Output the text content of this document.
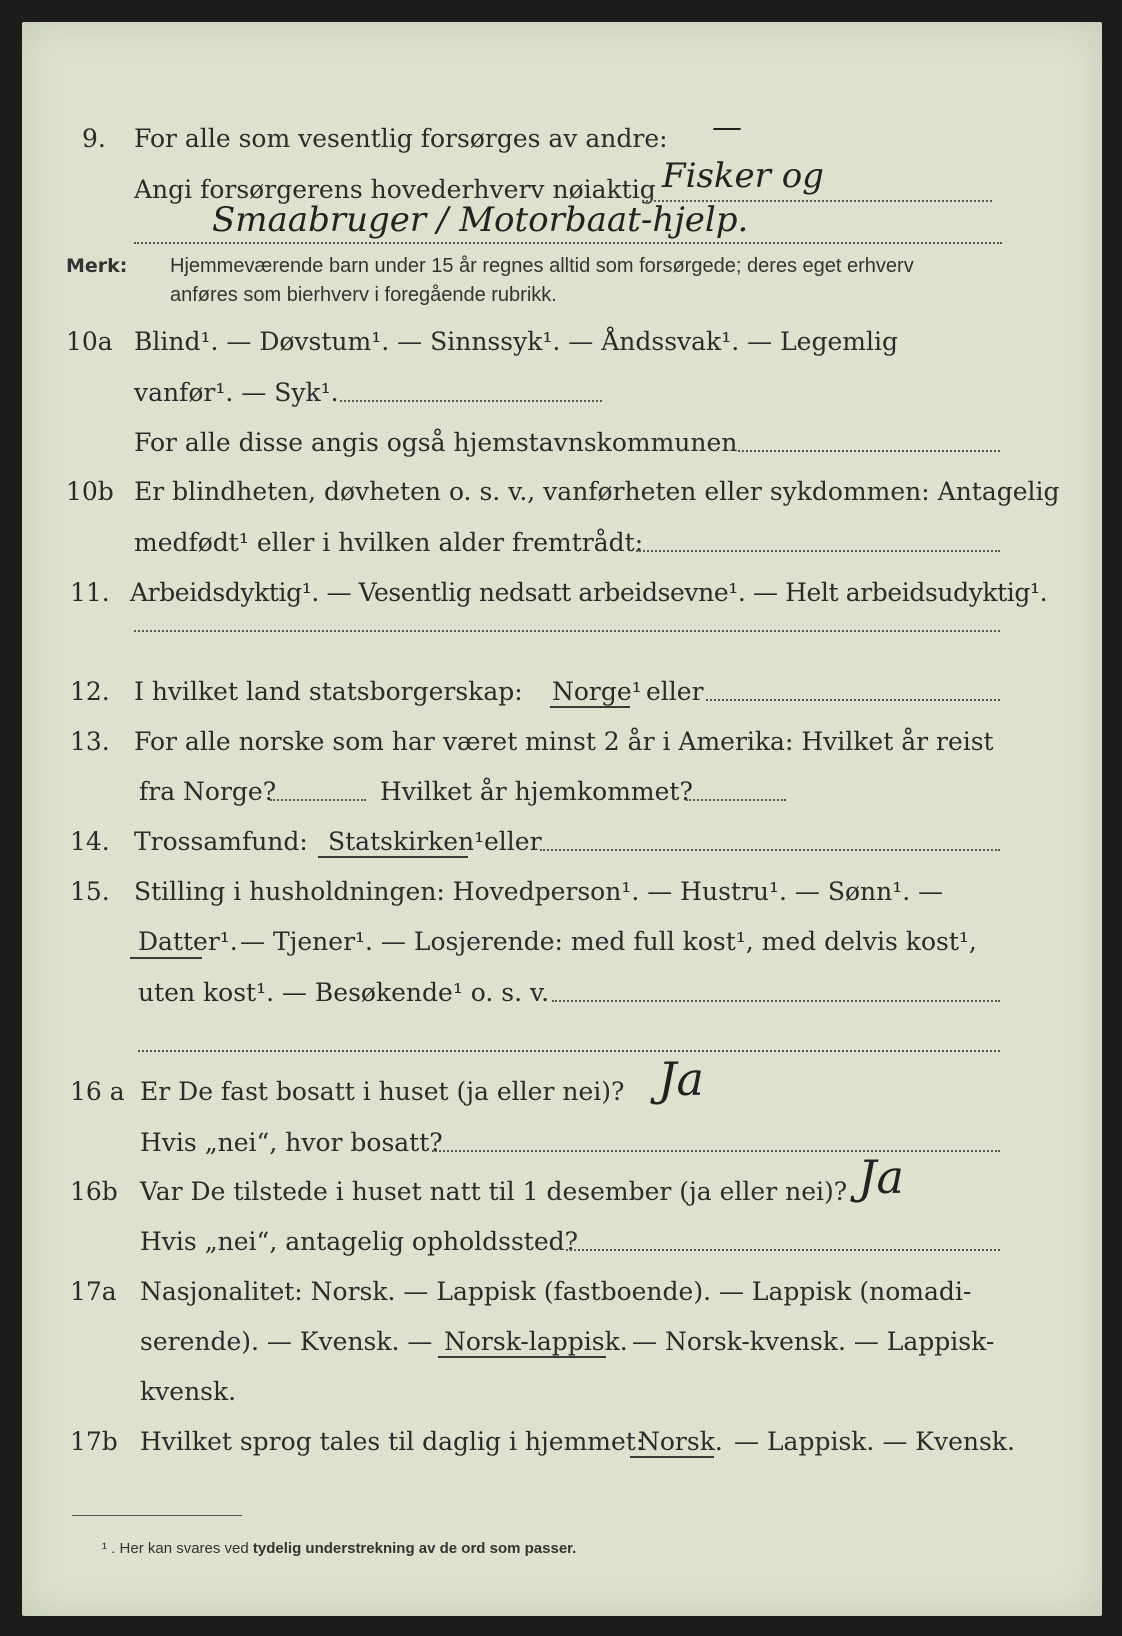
9. For alle som vesentlig forsørges av andre: —
Angi forsørgerens hovederhverv nøiaktig Fisker og
Smaabruger / Motorbaat-hjelp.
Merk: Hjemmeværende barn under 15 år regnes alltid som forsørgede; deres eget erhverv
anføres som bierhverv i foregående rubrikk.
10a Blind¹. — Døvstum¹. — Sinnssyk¹. — Åndssvak¹. — Legemlig
vanfør¹. — Syk¹.
For alle disse angis også hjemstavnskommunen
10b Er blindheten, døvheten o. s. v., vanførheten eller sykdommen: Antagelig
medfødt¹ eller i hvilken alder fremtrådt:
11. Arbeidsdyktig¹. — Vesentlig nedsatt arbeidsevne¹. — Helt arbeidsudyktig¹.
12. I hvilket land statsborgerskap: Norge¹ eller
13. For alle norske som har været minst 2 år i Amerika: Hvilket år reist
fra Norge?	Hvilket år hjemkommet?
14. Trossamfund: Statskirken¹ eller
15. Stilling i husholdningen: Hovedperson¹. — Hustru¹. — Sønn¹. —
Datter¹. — Tjener¹. — Losjerende: med full kost¹, med delvis kost¹,
uten kost¹. — Besøkende¹ o. s. v.
16 a Er De fast bosatt i huset (ja eller nei)? Ja
Hvis „nei“, hvor bosatt?
16b Var De tilstede i huset natt til 1 desember (ja eller nei)? Ja
Hvis „nei“, antagelig opholdssted?
17a Nasjonalitet: Norsk. — Lappisk (fastboende). — Lappisk (nomadi-
serende). — Kvensk. — Norsk-lappisk. — Norsk-kvensk. — Lappisk-
kvensk.
17b Hvilket sprog tales til daglig i hjemmet:
Norsk. — Lappisk. — Kvensk.
¹ . Her kan svares ved tydelig understrekning av de ord som passer.
